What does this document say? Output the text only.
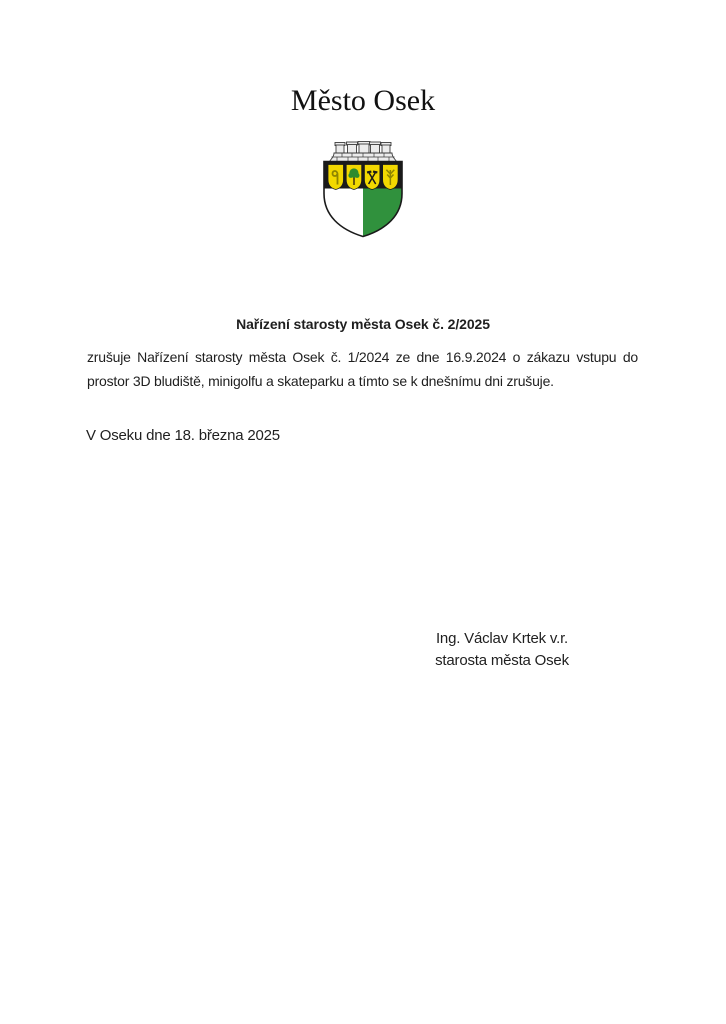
Město Osek
Nařízení starosty města Osek č. 2/2025
zrušuje Nařízení starosty města Osek č. 1/2024 ze dne 16.9.2024 o zákazu vstupu do
prostor 3D bludiště, minigolfu a skateparku a tímto se k dnešnímu dni zrušuje.
V Oseku dne 18. března 2025
Ing. Václav Krtek v.r.
starosta města Osek
